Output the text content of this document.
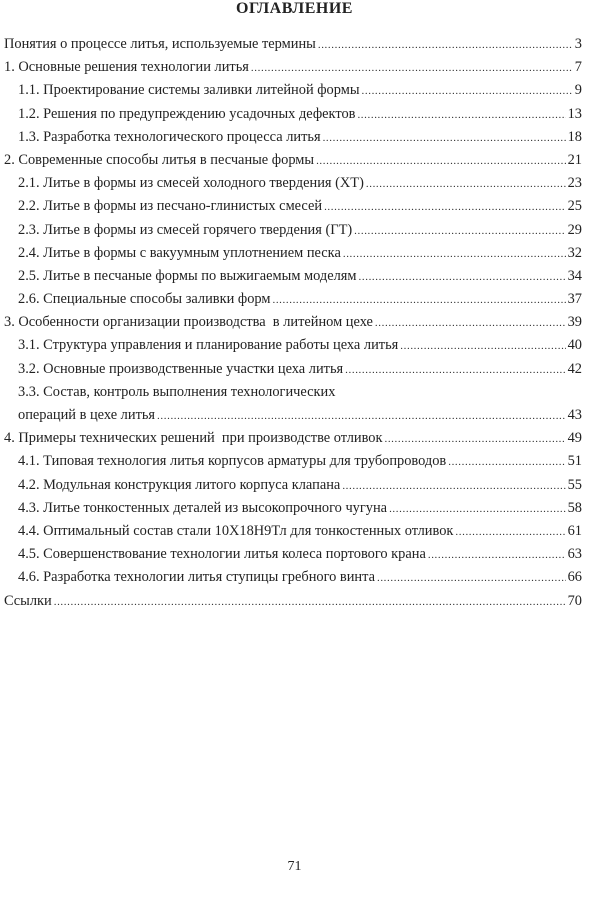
ОГЛАВЛЕНИЕ
Понятия о процессе литья, используемые термины .....	3
1. Основные решения технологии литья .....	7
1.1. Проектирование системы заливки литейной формы .....	9
1.2. Решения по предупреждению усадочных дефектов .....	13
1.3. Разработка технологического процесса литья .....	18
2. Современные способы литья в песчаные формы .....	21
2.1. Литье в формы из смесей холодного твердения (ХТ) .....	23
2.2. Литье в формы из песчано-глинистых смесей .....	25
2.3. Литье в формы из смесей горячего твердения (ГТ) .....	29
2.4. Литье в формы с вакуумным уплотнением песка .....	32
2.5. Литье в песчаные формы по выжигаемым моделям .....	34
2.6. Специальные способы заливки форм .....	37
3. Особенности организации производства  в литейном цехе .....	39
3.1. Структура управления и планирование работы цеха литья .....	40
3.2. Основные производственные участки цеха литья .....	42
3.3. Состав, контроль выполнения технологических
операций в цехе литья .....	43
4. Примеры технических решений  при производстве отливок .....	49
4.1. Типовая технология литья корпусов арматуры для трубопроводов .....	51
4.2. Модульная конструкция литого корпуса клапана .....	55
4.3. Литье тонкостенных деталей из высокопрочного чугуна .....	58
4.4. Оптимальный состав стали 10Х18Н9Тл для тонкостенных отливок .....	61
4.5. Совершенствование технологии литья колеса портового крана .....	63
4.6. Разработка технологии литья ступицы гребного винта .....	66
Ссылки .....	70
71
